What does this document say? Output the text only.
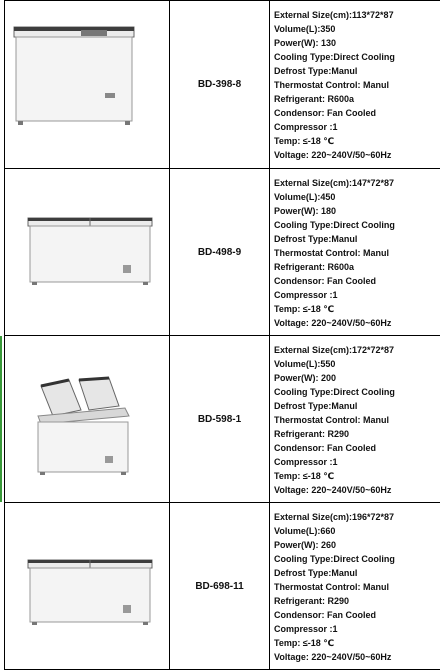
BD-398-8
External Size(cm):113*72*87
Volume(L):350
Power(W): 130
Cooling Type:Direct Cooling
Defrost Type:Manul
Thermostat Control: Manul
Refrigerant: R600a
Condensor: Fan Cooled
Compressor :1
Temp: ≤-18 ℃
Voltage: 220~240V/50~60Hz
BD-498-9
External Size(cm):147*72*87
Volume(L):450
Power(W): 180
Cooling Type:Direct Cooling
Defrost Type:Manul
Thermostat Control: Manul
Refrigerant: R600a
Condensor: Fan Cooled
Compressor :1
Temp: ≤-18 ℃
Voltage: 220~240V/50~60Hz
BD-598-1
External Size(cm):172*72*87
Volume(L):550
Power(W): 200
Cooling Type:Direct Cooling
Defrost Type:Manul
Thermostat Control: Manul
Refrigerant: R290
Condensor: Fan Cooled
Compressor :1
Temp: ≤-18 ℃
Voltage: 220~240V/50~60Hz
BD-698-11
External Size(cm):196*72*87
Volume(L):660
Power(W): 260
Cooling Type:Direct Cooling
Defrost Type:Manul
Thermostat Control: Manul
Refrigerant: R290
Condensor: Fan Cooled
Compressor :1
Temp: ≤-18 ℃
Voltage: 220~240V/50~60Hz
